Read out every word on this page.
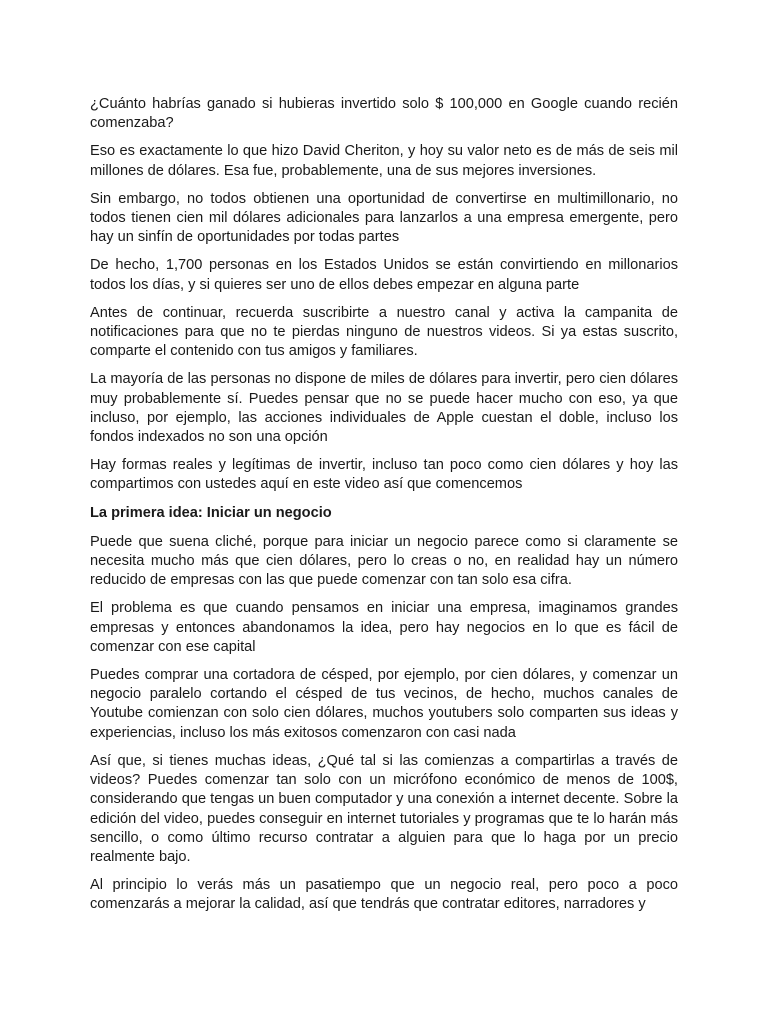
¿Cuánto habrías ganado si hubieras invertido solo $ 100,000 en Google cuando recién comenzaba?

Eso es exactamente lo que hizo David Cheriton, y hoy su valor neto es de más de seis mil millones de dólares. Esa fue, probablemente, una de sus mejores inversiones.

Sin embargo, no todos obtienen una oportunidad de convertirse en multimillonario, no todos tienen cien mil dólares adicionales para lanzarlos a una empresa emergente, pero hay un sinfín de oportunidades por todas partes

De hecho, 1,700 personas en los Estados Unidos se están convirtiendo en millonarios todos los días, y si quieres ser uno de ellos debes empezar en alguna parte

Antes de continuar, recuerda suscribirte a nuestro canal y activa la campanita de notificaciones para que no te pierdas ninguno de nuestros videos. Si ya estas suscrito, comparte el contenido con tus amigos y familiares.

La mayoría de las personas no dispone de miles de dólares para invertir, pero cien dólares muy probablemente sí. Puedes pensar que no se puede hacer mucho con eso, ya que incluso, por ejemplo, las acciones individuales de Apple cuestan el doble, incluso los fondos indexados no son una opción

Hay formas reales y legítimas de invertir, incluso tan poco como cien dólares y hoy las compartimos con ustedes aquí en este video así que comencemos

La primera idea: Iniciar un negocio

Puede que suena cliché, porque para iniciar un negocio parece como si claramente se necesita mucho más que cien dólares, pero lo creas o no, en realidad hay un número reducido de empresas con las que puede comenzar con tan solo esa cifra.

El problema es que cuando pensamos en iniciar una empresa, imaginamos grandes empresas y entonces abandonamos la idea, pero hay negocios en lo que es fácil de comenzar con ese capital

Puedes comprar una cortadora de césped, por ejemplo, por cien dólares, y comenzar un negocio paralelo cortando el césped de tus vecinos, de hecho, muchos canales de Youtube comienzan con solo cien dólares, muchos youtubers solo comparten sus ideas y experiencias, incluso los más exitosos comenzaron con casi nada

Así que, si tienes muchas ideas, ¿Qué tal si las comienzas a compartirlas a través de videos? Puedes comenzar tan solo con un micrófono económico de menos de 100$, considerando que tengas un buen computador y una conexión a internet decente. Sobre la edición del video, puedes conseguir en internet tutoriales y programas que te lo harán más sencillo, o como último recurso contratar a alguien para que lo haga por un precio realmente bajo.

Al principio lo verás más un pasatiempo que un negocio real, pero poco a poco comenzarás a mejorar la calidad, así que tendrás que contratar editores, narradores y
